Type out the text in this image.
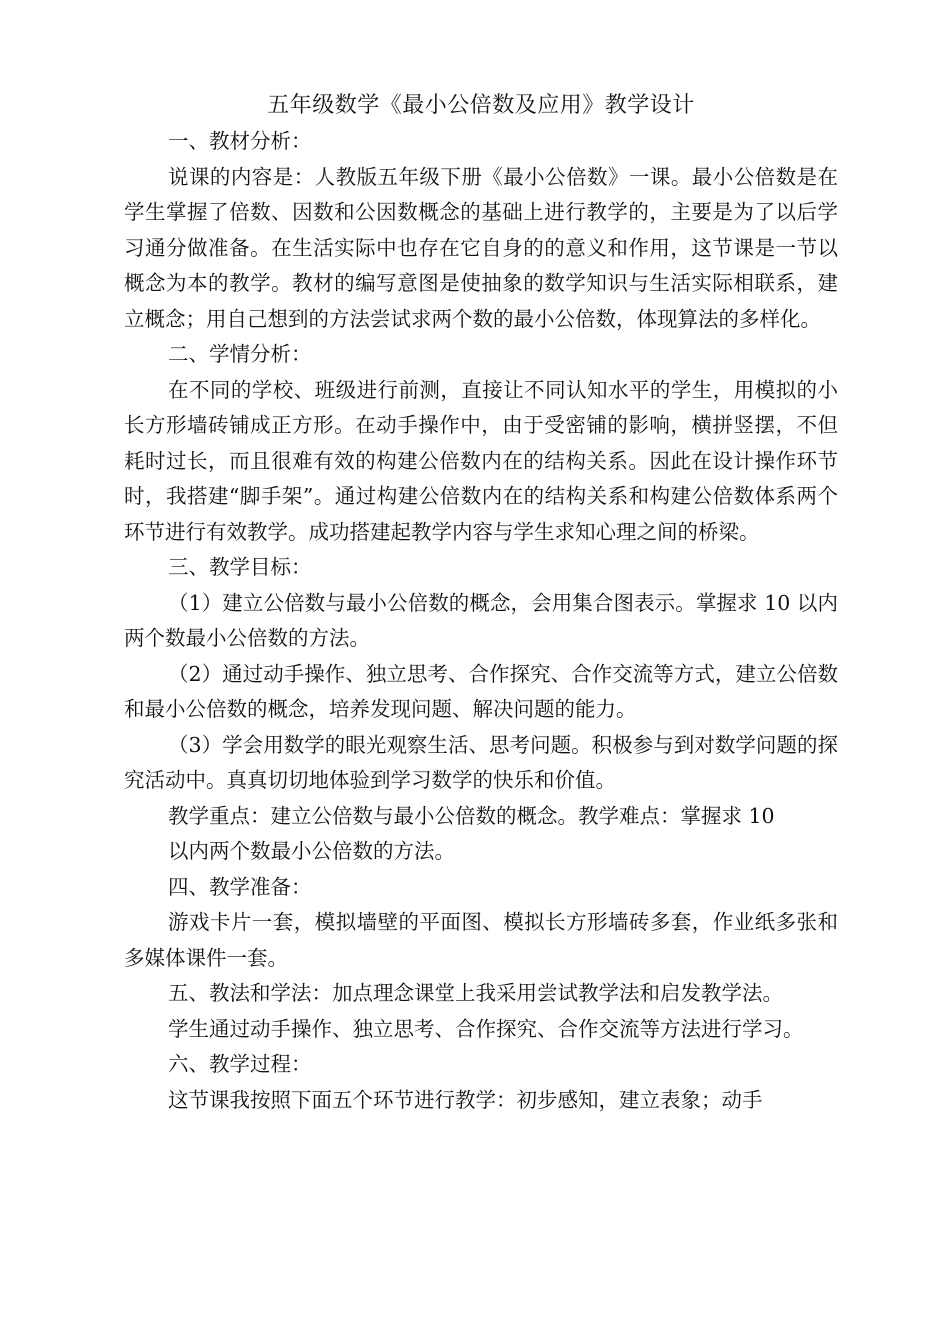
五年级数学《最小公倍数及应用》教学设计

一、教材分析：

说课的内容是：人教版五年级下册《最小公倍数》一课。最小公倍数是在学生掌握了倍数、因数和公因数概念的基础上进行教学的，主要是为了以后学习通分做准备。在生活实际中也存在它自身的的意义和作用，这节课是一节以概念为本的教学。教材的编写意图是使抽象的数学知识与生活实际相联系，建立概念；用自己想到的方法尝试求两个数的最小公倍数，体现算法的多样化。

二、学情分析：

在不同的学校、班级进行前测，直接让不同认知水平的学生，用模拟的小长方形墙砖铺成正方形。在动手操作中，由于受密铺的影响，横拼竖摆，不但耗时过长，而且很难有效的构建公倍数内在的结构关系。因此在设计操作环节时，我搭建“脚手架”。通过构建公倍数内在的结构关系和构建公倍数体系两个环节进行有效教学。成功搭建起教学内容与学生求知心理之间的桥梁。

三、教学目标：

（1）建立公倍数与最小公倍数的概念，会用集合图表示。掌握求 10 以内两个数最小公倍数的方法。

（2）通过动手操作、独立思考、合作探究、合作交流等方式，建立公倍数和最小公倍数的概念，培养发现问题、解决问题的能力。

（3）学会用数学的眼光观察生活、思考问题。积极参与到对数学问题的探究活动中。真真切切地体验到学习数学的快乐和价值。

教学重点：建立公倍数与最小公倍数的概念。教学难点：掌握求 10

以内两个数最小公倍数的方法。

四、教学准备：

游戏卡片一套，模拟墙壁的平面图、模拟长方形墙砖多套，作业纸多张和多媒体课件一套。

五、教法和学法：加点理念课堂上我采用尝试教学法和启发教学法。

学生通过动手操作、独立思考、合作探究、合作交流等方法进行学习。

六、教学过程：

这节课我按照下面五个环节进行教学：初步感知，建立表象；动手
